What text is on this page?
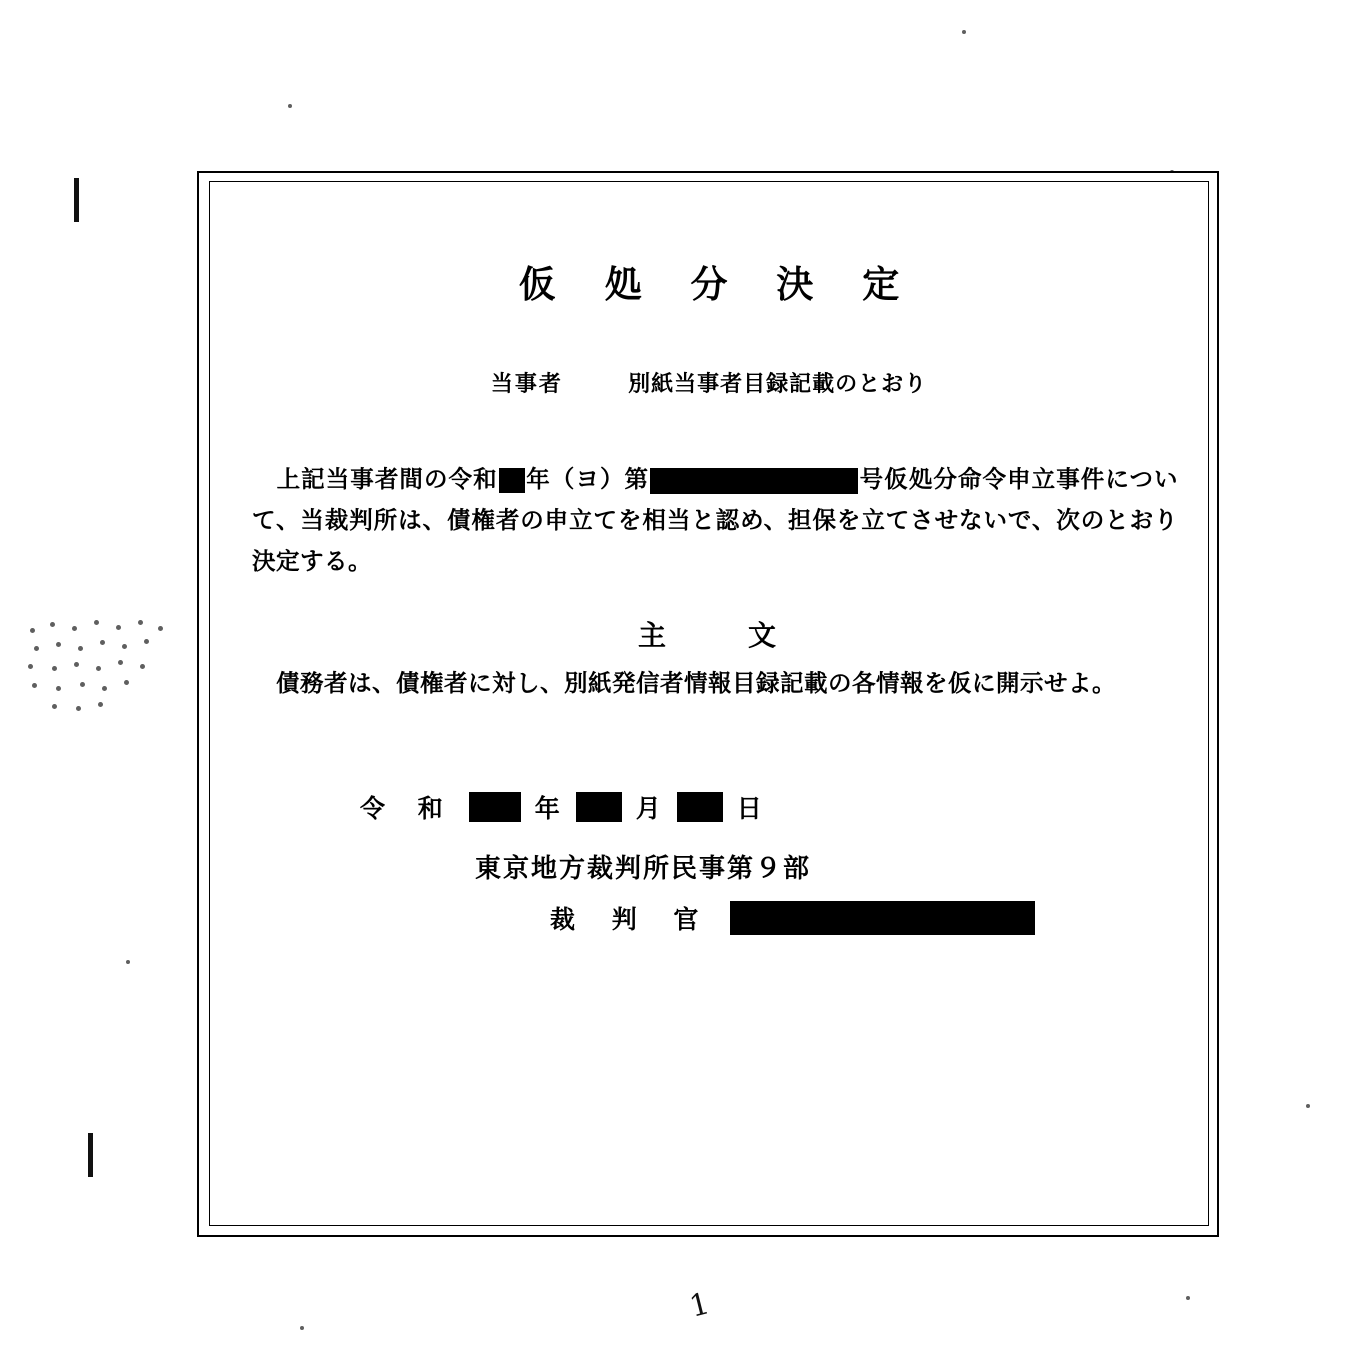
仮 処 分 決 定
当事者	別紙当事者目録記載のとおり
上記当事者間の令和 年（ヨ）第	号仮処分命令申立事件について、当裁判所は、債権者の申立てを相当と認め、担保を立てさせないで、次のとおり決定する。
主	文
債務者は、債権者に対し、別紙発信者情報目録記載の各情報を仮に開示せよ。
令 和	年	月	日
東京地方裁判所民事第９部
裁 判 官
1
